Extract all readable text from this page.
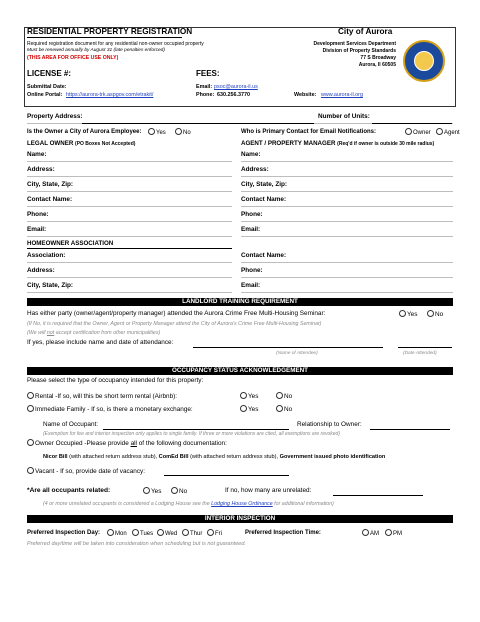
RESIDENTIAL PROPERTY REGISTRATION	City of Aurora
Required registration document for any residential non-owner occupied property
Must be renewed annually by August 31 (late penalties enforced)
(THIS AREA FOR OFFICE USE ONLY)
Development Services Department
Division of Property Standards
77 S Broadway
Aurora, Il 60505
LICENSE #:	FEES:
Submittal Date:
Online Portal: https://aurora-trk.aspgov.com/etrakit/
Email: psoc@aurora-il.us
Phone: 630.256.3770	Website: www.aurora-il.org
Property Address:	Number of Units:
Is the Owner a City of Aurora Employee:	Yes	No	Who is Primary Contact for Email Notifications:	Owner	Agent
LEGAL OWNER (PO Boxes Not Accepted)	AGENT / PROPERTY MANAGER (Req'd if owner is outside 30 mile radius)
Name:
Address:
City, State, Zip:
Contact Name:
Phone:
Email:
Name:
Address:
City, State, Zip:
Contact Name:
Phone:
Email:
HOMEOWNER ASSOCIATION
Association:
Address:
City, State, Zip:
Contact Name:
Phone:
Email:
LANDLORD TRAINING REQUIREMENT
Has either party (owner/agent/property manager) attended the Aurora Crime Free Multi-Housing Seminar:	Yes	No
(If No, it is required that the Owner, Agent or Property Manager attend the City of Aurora's Crime Free Multi-Housing Seminar)
(We will not accept certification from other municipalities)
If yes, please include name and date of attendance:
(Name of Attendee)	(Date Attended)
OCCUPANCY STATUS ACKNOWLEDGEMENT
Please select the type of occupancy intended for this property:
Rental -If so, will this be short term rental (Airbnb):	Yes	No
Immediate Family - If so, is there a monetary exchange:	Yes	No
Name of Occupant:	Relationship to Owner:
(Exemption for fee and interior inspection only applies to single family. If three or more violations are cited, all exemptions are revoked)
Owner Occupied -Please provide all of the following documentation:
Nicor Bill (with attached return address stub), ComEd Bill (with attached return address stub), Government issued photo identification
Vacant - If so, provide date of vacancy:
*Are all occupants related:	Yes	No	If no, how many are unrelated:
(4 or more unrelated occupants is considered a Lodging House see the Lodging House Ordinance for additional information)
INTERIOR INSPECTION
Preferred Inspection Day:	Mon	Tues	Wed	Thur	Fri	Preferred Inspection Time:	AM	PM
Preferred day/time will be taken into consideration when scheduling but is not guaranteed.
